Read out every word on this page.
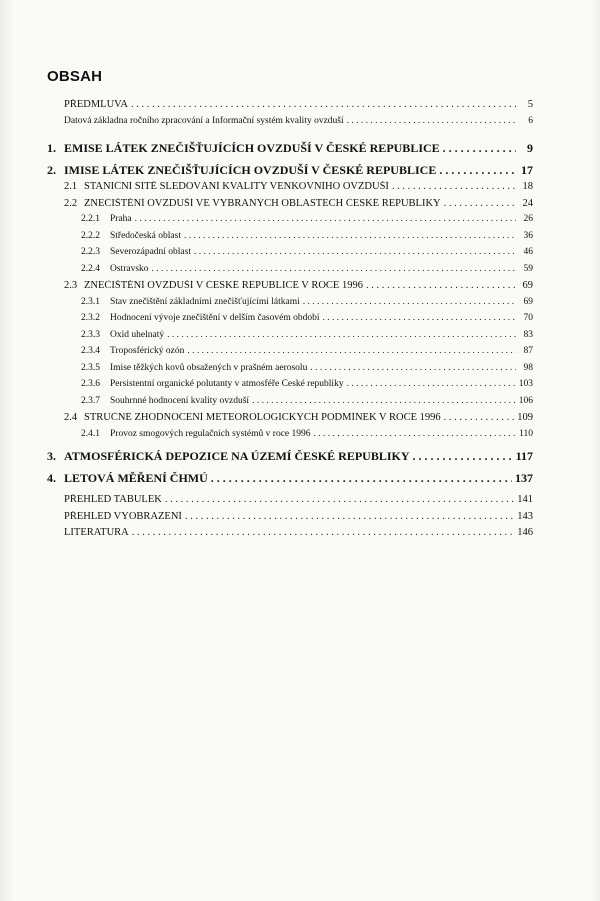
OBSAH
PŘEDMLUVA . . .	5
Datová základna ročního zpracování a Informační systém kvality ovzduší . . .	6
1. EMISE LÁTEK ZNEČIŠŤUJÍCÍCH OVZDUŠÍ V ČESKÉ REPUBLICE . . .	9
2. IMISE LÁTEK ZNEČIŠŤUJÍCÍCH OVZDUŠÍ V ČESKÉ REPUBLICE . . .	17
2.1 STANIČNÍ SÍTĚ SLEDOVÁNÍ KVALITY VENKOVNÍHO OVZDUŠÍ . . .	18
2.2 ZNEČIŠTĚNÍ OVZDUŠÍ VE VYBRANÝCH OBLASTECH ČESKÉ REPUBLIKY . . .	24
2.2.1	Praha . . .	26
2.2.2	Středočeská oblast . . .	36
2.2.3	Severozápadní oblast . . .	46
2.2.4	Ostravsko . . .	59
2.3 ZNEČIŠTĚNÍ OVZDUŠÍ V ČESKÉ REPUBLICE V ROCE 1996 . . .	69
2.3.1	Stav znečištění základními znečišťujícími látkami . . .	69
2.3.2	Hodnocení vývoje znečištění v delším časovém období . . .	70
2.3.3	Oxid uhelnatý . . .	83
2.3.4	Troposférický ozón . . .	87
2.3.5	Imise těžkých kovů obsažených v prašném aerosolu . . .	98
2.3.6	Persistentní organické polutanty v atmosféře České republiky . . .	103
2.3.7	Souhrnné hodnocení kvality ovzduší . . .	106
2.4 STRUČNÉ ZHODNOCENÍ METEOROLOGICKÝCH PODMÍNEK V ROCE 1996 . . .	109
2.4.1	Provoz smogových regulačních systémů v roce 1996 . . .	110
3. ATMOSFÉRICKÁ DEPOZICE NA ÚZEMÍ ČESKÉ REPUBLIKY . . .	117
4. LETOVÁ MĚŘENÍ ČHMÚ . . .	137
PŘEHLED TABULEK . . .	141
PŘEHLED VYOBRAZENÍ . . .	143
LITERATURA . . .	146
